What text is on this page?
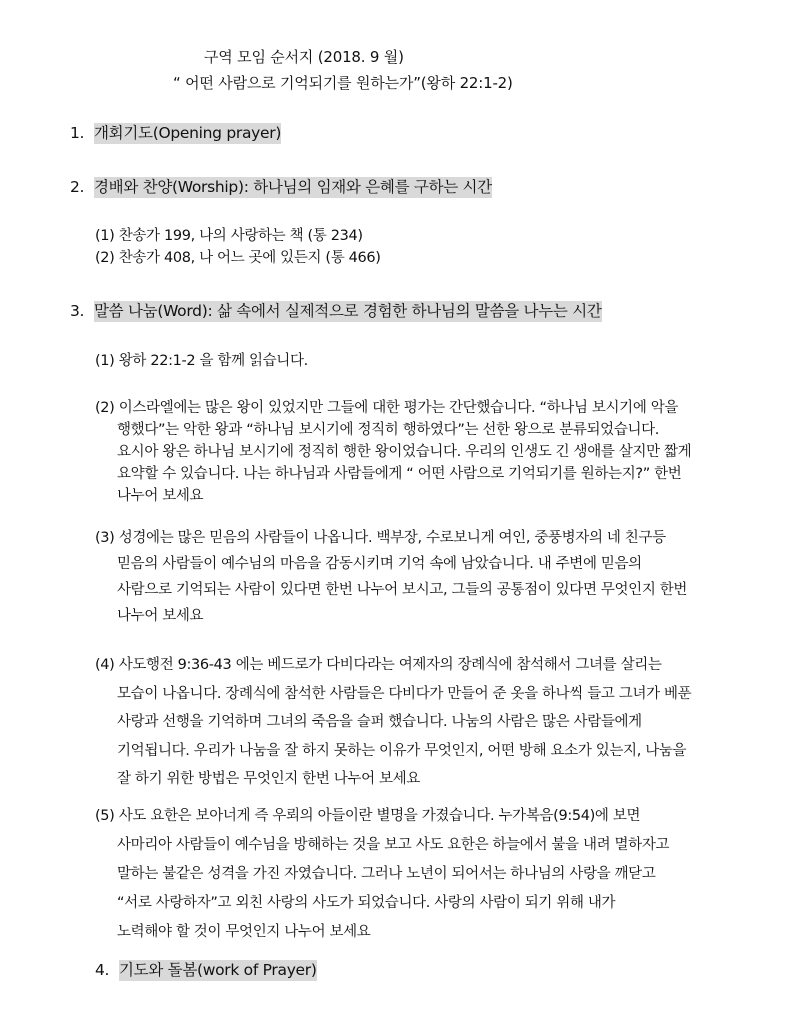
구역 모임 순서지 (2018. 9 월)
“ 어떤 사람으로 기억되기를 원하는가”(왕하 22:1-2)
1. 개회기도(Opening prayer)
2. 경배와 찬양(Worship): 하나님의 임재와 은혜를 구하는 시간
(1) 찬송가 199, 나의 사랑하는 책 (통 234)
(2) 찬송가 408, 나 어느 곳에 있든지 (통 466)
3. 말씀 나눔(Word): 삶 속에서 실제적으로 경험한 하나님의 말씀을 나누는 시간
(1) 왕하 22:1-2 을 함께 읽습니다.
(2) 이스라엘에는 많은 왕이 있었지만 그들에 대한 평가는 간단했습니다. “하나님 보시기에 악을
행했다”는 악한 왕과 “하나님 보시기에 정직히 행하였다”는 선한 왕으로 분류되었습니다.
요시아 왕은 하나님 보시기에 정직히 행한 왕이었습니다. 우리의 인생도 긴 생애를 살지만 짧게
요약할 수 있습니다. 나는 하나님과 사람들에게 “ 어떤 사람으로 기억되기를 원하는지?” 한번
나누어 보세요
(3) 성경에는 많은 믿음의 사람들이 나옵니다. 백부장, 수로보니게 여인, 중풍병자의 네 친구등
믿음의 사람들이 예수님의 마음을 감동시키며 기억 속에 남았습니다. 내 주변에 믿음의
사람으로 기억되는 사람이 있다면 한번 나누어 보시고, 그들의 공통점이 있다면 무엇인지 한번
나누어 보세요
(4) 사도행전 9:36-43 에는 베드로가 다비다라는 여제자의 장례식에 참석해서 그녀를 살리는
모습이 나옵니다. 장례식에 참석한 사람들은 다비다가 만들어 준 옷을 하나씩 들고 그녀가 베푼
사랑과 선행을 기억하며 그녀의 죽음을 슬퍼 했습니다. 나눔의 사람은 많은 사람들에게
기억됩니다. 우리가 나눔을 잘 하지 못하는 이유가 무엇인지, 어떤 방해 요소가 있는지, 나눔을
잘 하기 위한 방법은 무엇인지 한번 나누어 보세요
(5) 사도 요한은 보아너게 즉 우뢰의 아들이란 별명을 가졌습니다. 누가복음(9:54)에 보면
사마리아 사람들이 예수님을 방해하는 것을 보고 사도 요한은 하늘에서 불을 내려 멸하자고
말하는 불같은 성격을 가진 자였습니다. 그러나 노년이 되어서는 하나님의 사랑을 깨닫고
“서로 사랑하자”고 외친 사랑의 사도가 되었습니다. 사랑의 사람이 되기 위해 내가
노력해야 할 것이 무엇인지 나누어 보세요
4. 기도와 돌봄(work of Prayer)
